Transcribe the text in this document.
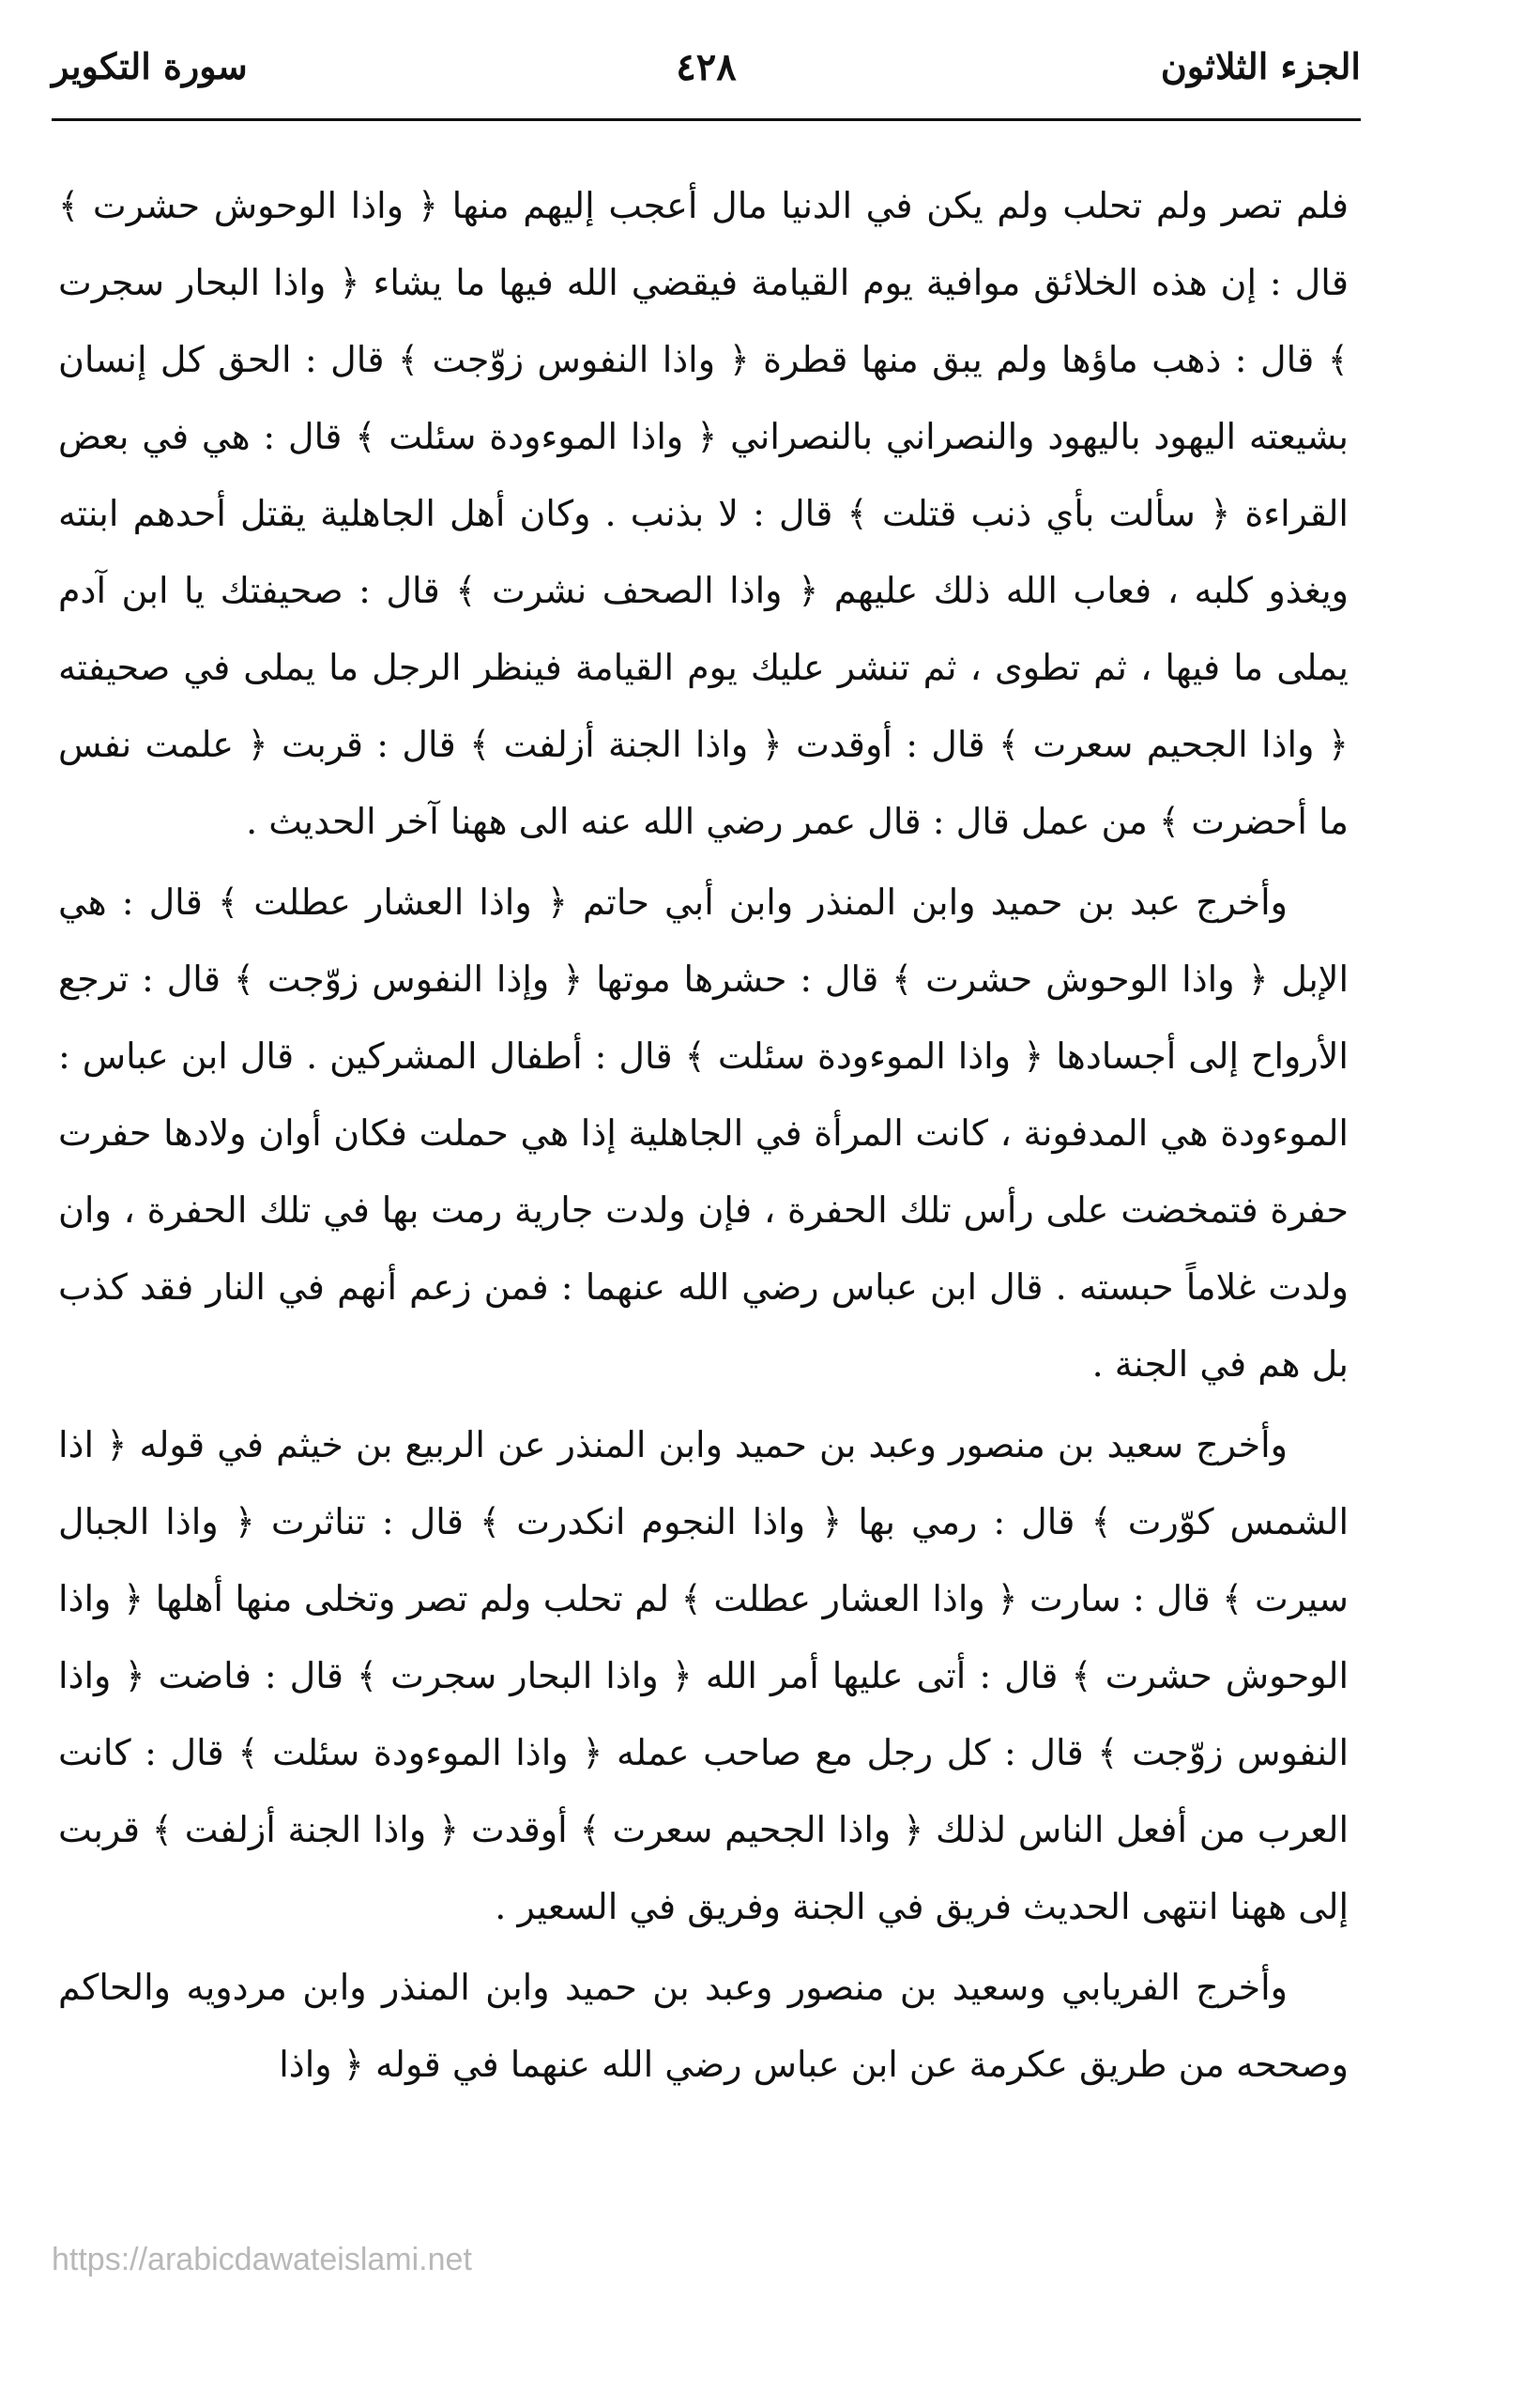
الجزء الثلاثون
٤٢٨
سورة التكوير

فلم تصر ولم تحلب ولم يكن في الدنيا مال أعجب إليهم منها ﴿ واذا الوحوش حشرت ﴾ قال : إن هذه الخلائق موافية يوم القيامة فيقضي الله فيها ما يشاء ﴿ واذا البحار سجرت ﴾ قال : ذهب ماؤها ولم يبق منها قطرة ﴿ واذا النفوس زوّجت ﴾ قال : الحق كل إنسان بشيعته اليهود باليهود والنصراني بالنصراني ﴿ واذا الموءودة سئلت ﴾ قال : هي في بعض القراءة ﴿ سألت بأي ذنب قتلت ﴾ قال : لا بذنب . وكان أهل الجاهلية يقتل أحدهم ابنته ويغذو كلبه ، فعاب الله ذلك عليهم ﴿ واذا الصحف نشرت ﴾ قال : صحيفتك يا ابن آدم يملى ما فيها ، ثم تطوى ، ثم تنشر عليك يوم القيامة فينظر الرجل ما يملى في صحيفته ﴿ واذا الجحيم سعرت ﴾ قال : أوقدت ﴿ واذا الجنة أزلفت ﴾ قال : قربت ﴿ علمت نفس ما أحضرت ﴾ من عمل قال : قال عمر رضي الله عنه الى ههنا آخر الحديث .

وأخرج عبد بن حميد وابن المنذر وابن أبي حاتم ﴿ واذا العشار عطلت ﴾ قال : هي الإبل ﴿ واذا الوحوش حشرت ﴾ قال : حشرها موتها ﴿ وإذا النفوس زوّجت ﴾ قال : ترجع الأرواح إلى أجسادها ﴿ واذا الموءودة سئلت ﴾ قال : أطفال المشركين . قال ابن عباس : الموءودة هي المدفونة ، كانت المرأة في الجاهلية إذا هي حملت فكان أوان ولادها حفرت حفرة فتمخضت على رأس تلك الحفرة ، فإن ولدت جارية رمت بها في تلك الحفرة ، وان ولدت غلاماً حبسته . قال ابن عباس رضي الله عنهما : فمن زعم أنهم في النار فقد كذب بل هم في الجنة .

وأخرج سعيد بن منصور وعبد بن حميد وابن المنذر عن الربيع بن خيثم في قوله ﴿ اذا الشمس كوّرت ﴾ قال : رمي بها ﴿ واذا النجوم انكدرت ﴾ قال : تناثرت ﴿ واذا الجبال سيرت ﴾ قال : سارت ﴿ واذا العشار عطلت ﴾ لم تحلب ولم تصر وتخلى منها أهلها ﴿ واذا الوحوش حشرت ﴾ قال : أتى عليها أمر الله ﴿ واذا البحار سجرت ﴾ قال : فاضت ﴿ واذا النفوس زوّجت ﴾ قال : كل رجل مع صاحب عمله ﴿ واذا الموءودة سئلت ﴾ قال : كانت العرب من أفعل الناس لذلك ﴿ واذا الجحيم سعرت ﴾ أوقدت ﴿ واذا الجنة أزلفت ﴾ قربت إلى ههنا انتهى الحديث فريق في الجنة وفريق في السعير .

وأخرج الفريابي وسعيد بن منصور وعبد بن حميد وابن المنذر وابن مردويه والحاكم وصححه من طريق عكرمة عن ابن عباس رضي الله عنهما في قوله ﴿ واذا

https://arabicdawateislami.net
